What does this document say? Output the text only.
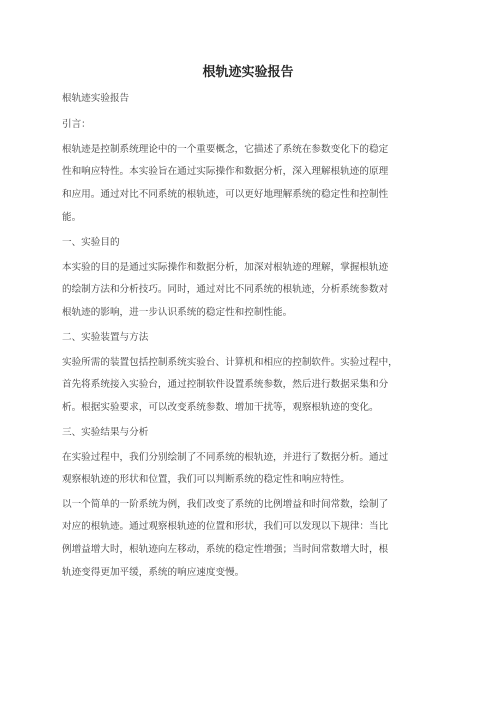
根轨迹实验报告
根轨迹实验报告
引言：
根轨迹是控制系统理论中的一个重要概念，它描述了系统在参数变化下的稳定
性和响应特性。本实验旨在通过实际操作和数据分析，深入理解根轨迹的原理
和应用。通过对比不同系统的根轨迹，可以更好地理解系统的稳定性和控制性
能。
一、实验目的
本实验的目的是通过实际操作和数据分析，加深对根轨迹的理解，掌握根轨迹
的绘制方法和分析技巧。同时，通过对比不同系统的根轨迹，分析系统参数对
根轨迹的影响，进一步认识系统的稳定性和控制性能。
二、实验装置与方法
实验所需的装置包括控制系统实验台、计算机和相应的控制软件。实验过程中，
首先将系统接入实验台，通过控制软件设置系统参数，然后进行数据采集和分
析。根据实验要求，可以改变系统参数、增加干扰等，观察根轨迹的变化。
三、实验结果与分析
在实验过程中，我们分别绘制了不同系统的根轨迹，并进行了数据分析。通过
观察根轨迹的形状和位置，我们可以判断系统的稳定性和响应特性。
以一个简单的一阶系统为例，我们改变了系统的比例增益和时间常数，绘制了
对应的根轨迹。通过观察根轨迹的位置和形状，我们可以发现以下规律：当比
例增益增大时，根轨迹向左移动，系统的稳定性增强；当时间常数增大时，根
轨迹变得更加平缓，系统的响应速度变慢。
